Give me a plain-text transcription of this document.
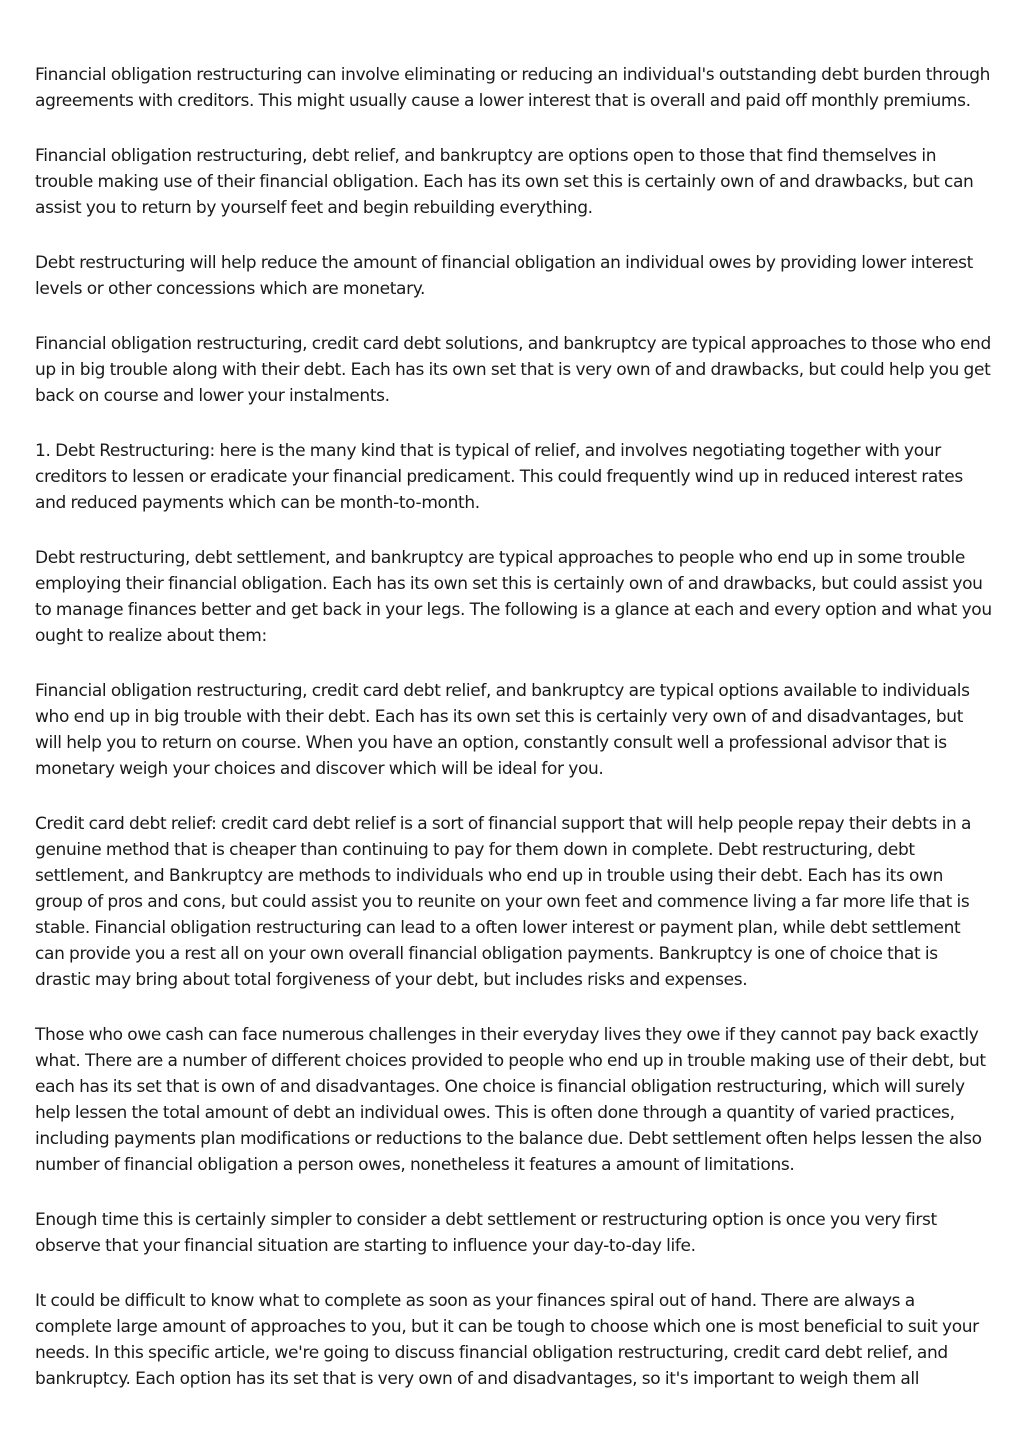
Financial obligation restructuring can involve eliminating or reducing an individual's outstanding debt burden through agreements with creditors. This might usually cause a lower interest that is overall and paid off monthly premiums.

Financial obligation restructuring, debt relief, and bankruptcy are options open to those that find themselves in trouble making use of their financial obligation. Each has its own set this is certainly own of and drawbacks, but can assist you to return by yourself feet and begin rebuilding everything.

Debt restructuring will help reduce the amount of financial obligation an individual owes by providing lower interest levels or other concessions which are monetary.

Financial obligation restructuring, credit card debt solutions, and bankruptcy are typical approaches to those who end up in big trouble along with their debt. Each has its own set that is very own of and drawbacks, but could help you get back on course and lower your instalments.

1. Debt Restructuring: here is the many kind that is typical of relief, and involves negotiating together with your creditors to lessen or eradicate your financial predicament. This could frequently wind up in reduced interest rates and reduced payments which can be month-to-month.

Debt restructuring, debt settlement, and bankruptcy are typical approaches to people who end up in some trouble employing their financial obligation. Each has its own set this is certainly own of and drawbacks, but could assist you to manage finances better and get back in your legs. The following is a glance at each and every option and what you ought to realize about them:

Financial obligation restructuring, credit card debt relief, and bankruptcy are typical options available to individuals who end up in big trouble with their debt. Each has its own set this is certainly very own of and disadvantages, but will help you to return on course. When you have an option, constantly consult well a professional advisor that is monetary weigh your choices and discover which will be ideal for you.

Credit card debt relief: credit card debt relief is a sort of financial support that will help people repay their debts in a genuine method that is cheaper than continuing to pay for them down in complete. Debt restructuring, debt settlement, and Bankruptcy are methods to individuals who end up in trouble using their debt. Each has its own group of pros and cons, but could assist you to reunite on your own feet and commence living a far more life that is stable. Financial obligation restructuring can lead to a often lower interest or payment plan, while debt settlement can provide you a rest all on your own overall financial obligation payments. Bankruptcy is one of choice that is drastic may bring about total forgiveness of your debt, but includes risks and expenses.

Those who owe cash can face numerous challenges in their everyday lives they owe if they cannot pay back exactly what. There are a number of different choices provided to people who end up in trouble making use of their debt, but each has its set that is own of and disadvantages. One choice is financial obligation restructuring, which will surely help lessen the total amount of debt an individual owes. This is often done through a quantity of varied practices, including payments plan modifications or reductions to the balance due. Debt settlement often helps lessen the also number of financial obligation a person owes, nonetheless it features a amount of limitations.

Enough time this is certainly simpler to consider a debt settlement or restructuring option is once you very first observe that your financial situation are starting to influence your day-to-day life.

It could be difficult to know what to complete as soon as your finances spiral out of hand. There are always a complete large amount of approaches to you, but it can be tough to choose which one is most beneficial to suit your needs. In this specific article, we're going to discuss financial obligation restructuring, credit card debt relief, and bankruptcy. Each option has its set that is very own of and disadvantages, so it's important to weigh them all
